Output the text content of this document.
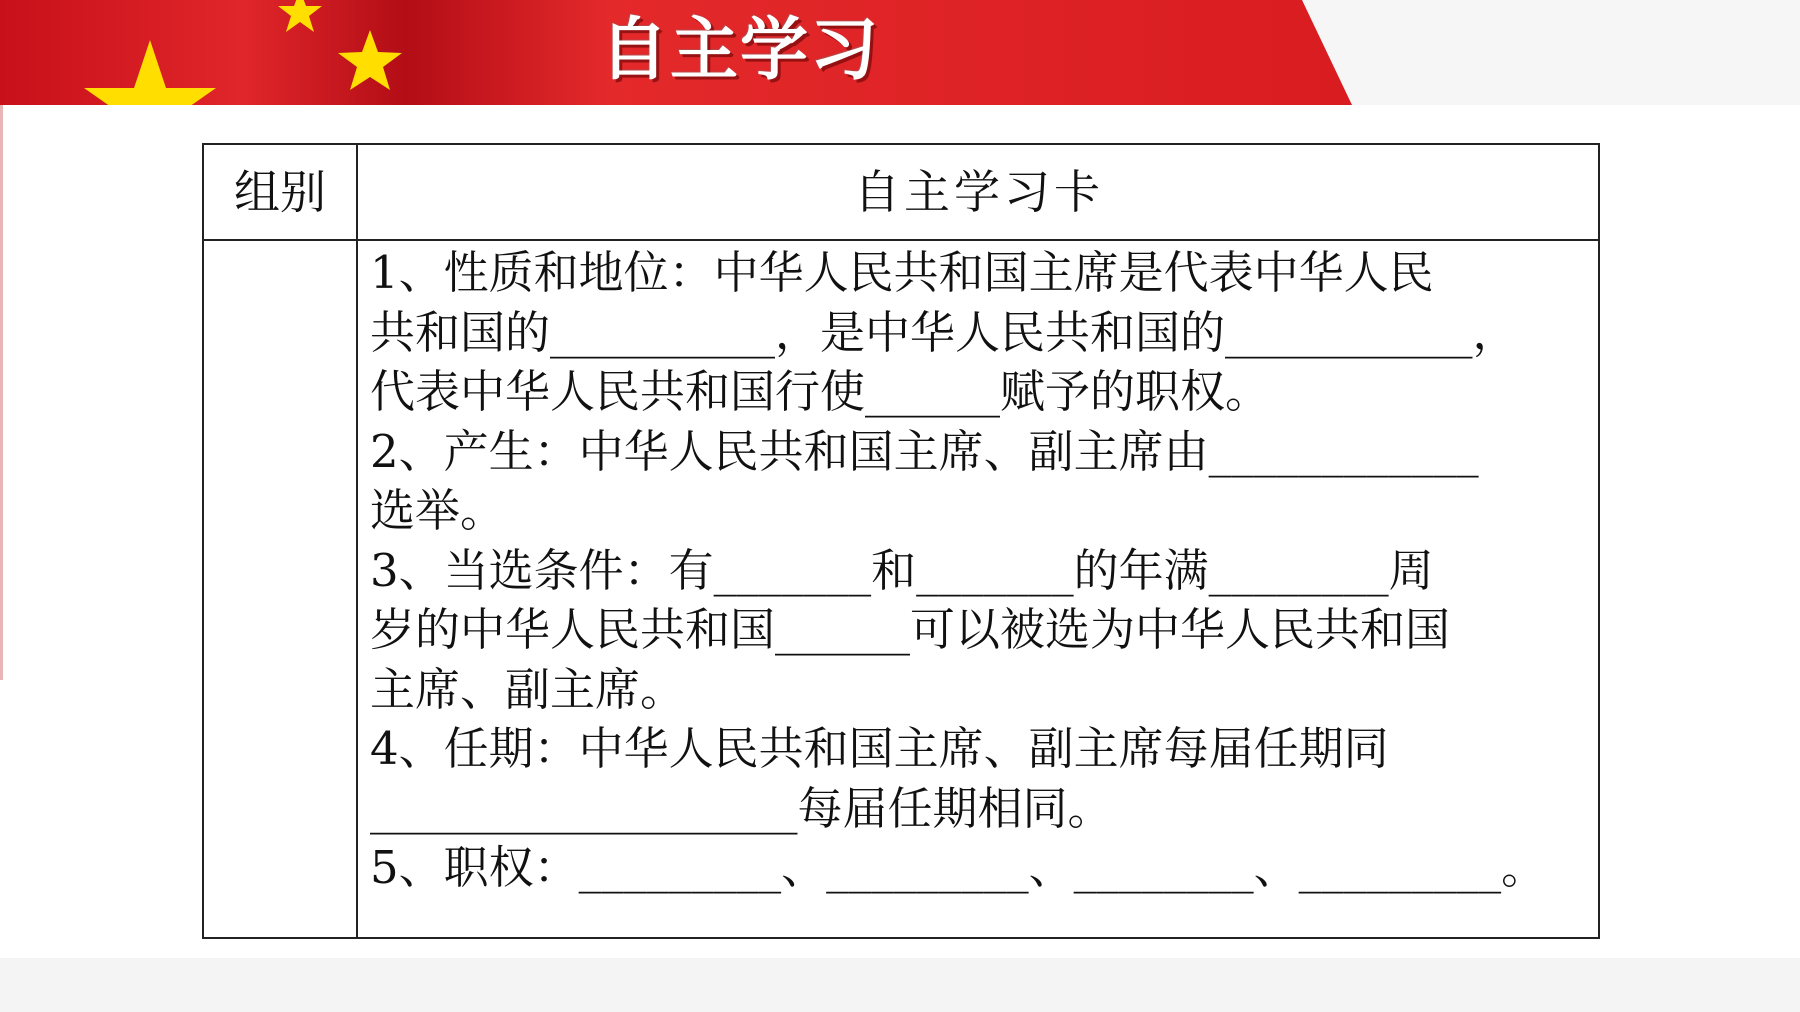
自主学习
组别	自主学习卡
1、性质和地位：中华人民共和国主席是代表中华人民
共和国的__________，是中华人民共和国的___________，
代表中华人民共和国行使______赋予的职权。
2、产生：中华人民共和国主席、副主席由____________
选举。
3、当选条件：有_______和_______的年满________周
岁的中华人民共和国______可以被选为中华人民共和国
主席、副主席。
4、任期：中华人民共和国主席、副主席每届任期同
___________________每届任期相同。
5、职权：_________、_________、________、_________。
